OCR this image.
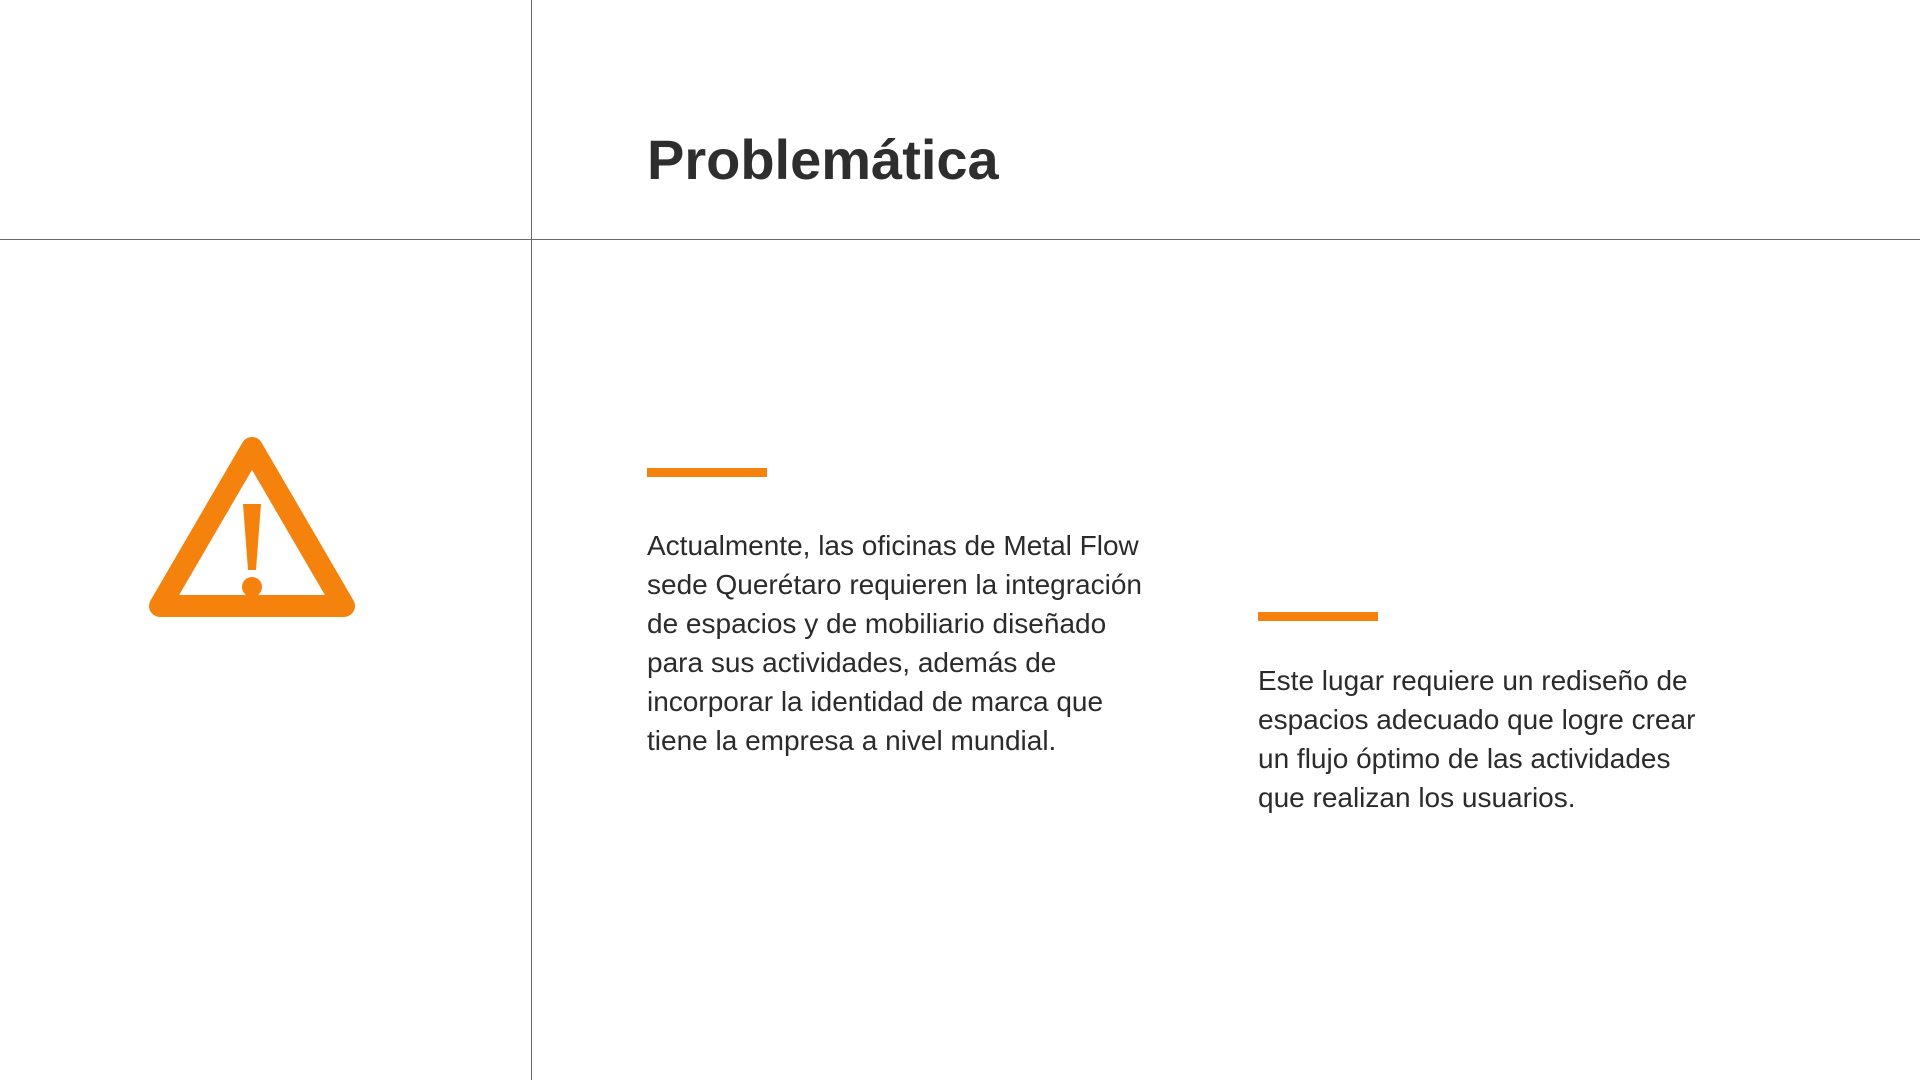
Problemática

Actualmente, las oficinas de Metal Flow sede Querétaro requieren la integración de espacios y de mobiliario diseñado para sus actividades, además de incorporar la identidad de marca que tiene la empresa a nivel mundial.

Este lugar requiere un rediseño de espacios adecuado que logre crear un flujo óptimo de las actividades que realizan los usuarios.
